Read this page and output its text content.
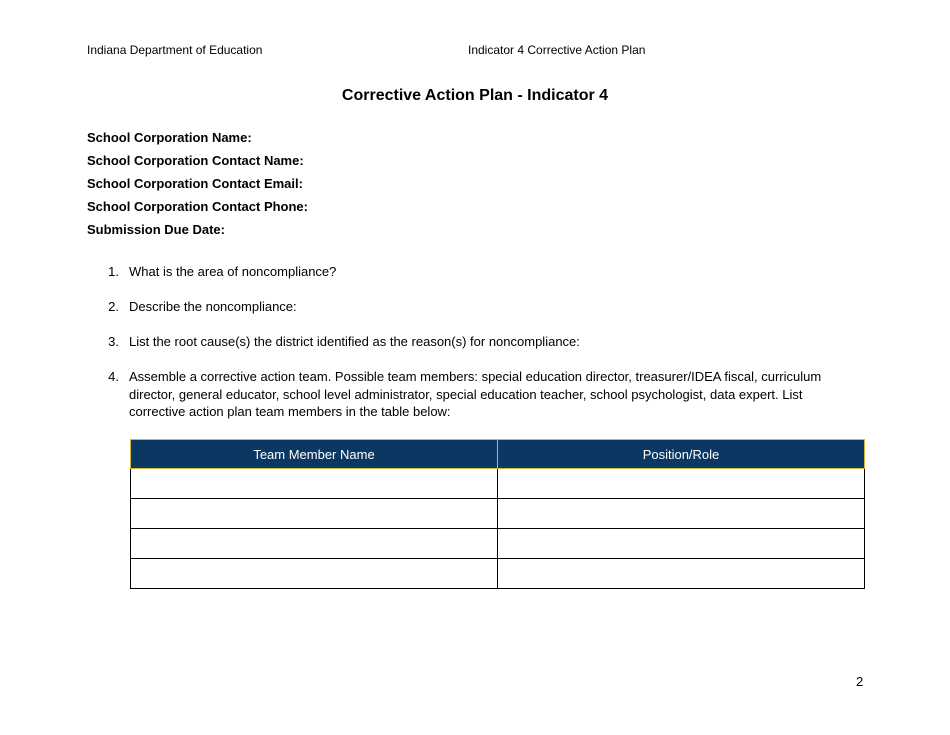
Indiana Department of Education	Indicator 4 Corrective Action Plan
Corrective Action Plan - Indicator 4
School Corporation Name:
School Corporation Contact Name:
School Corporation Contact Email:
School Corporation Contact Phone:
Submission Due Date:
1. What is the area of noncompliance?
2. Describe the noncompliance:
3. List the root cause(s) the district identified as the reason(s) for noncompliance:
4. Assemble a corrective action team. Possible team members: special education director, treasurer/IDEA fiscal, curriculum director, general educator, school level administrator, special education teacher, school psychologist, data expert. List corrective action plan team members in the table below:
Team Member Name	Position/Role

2
